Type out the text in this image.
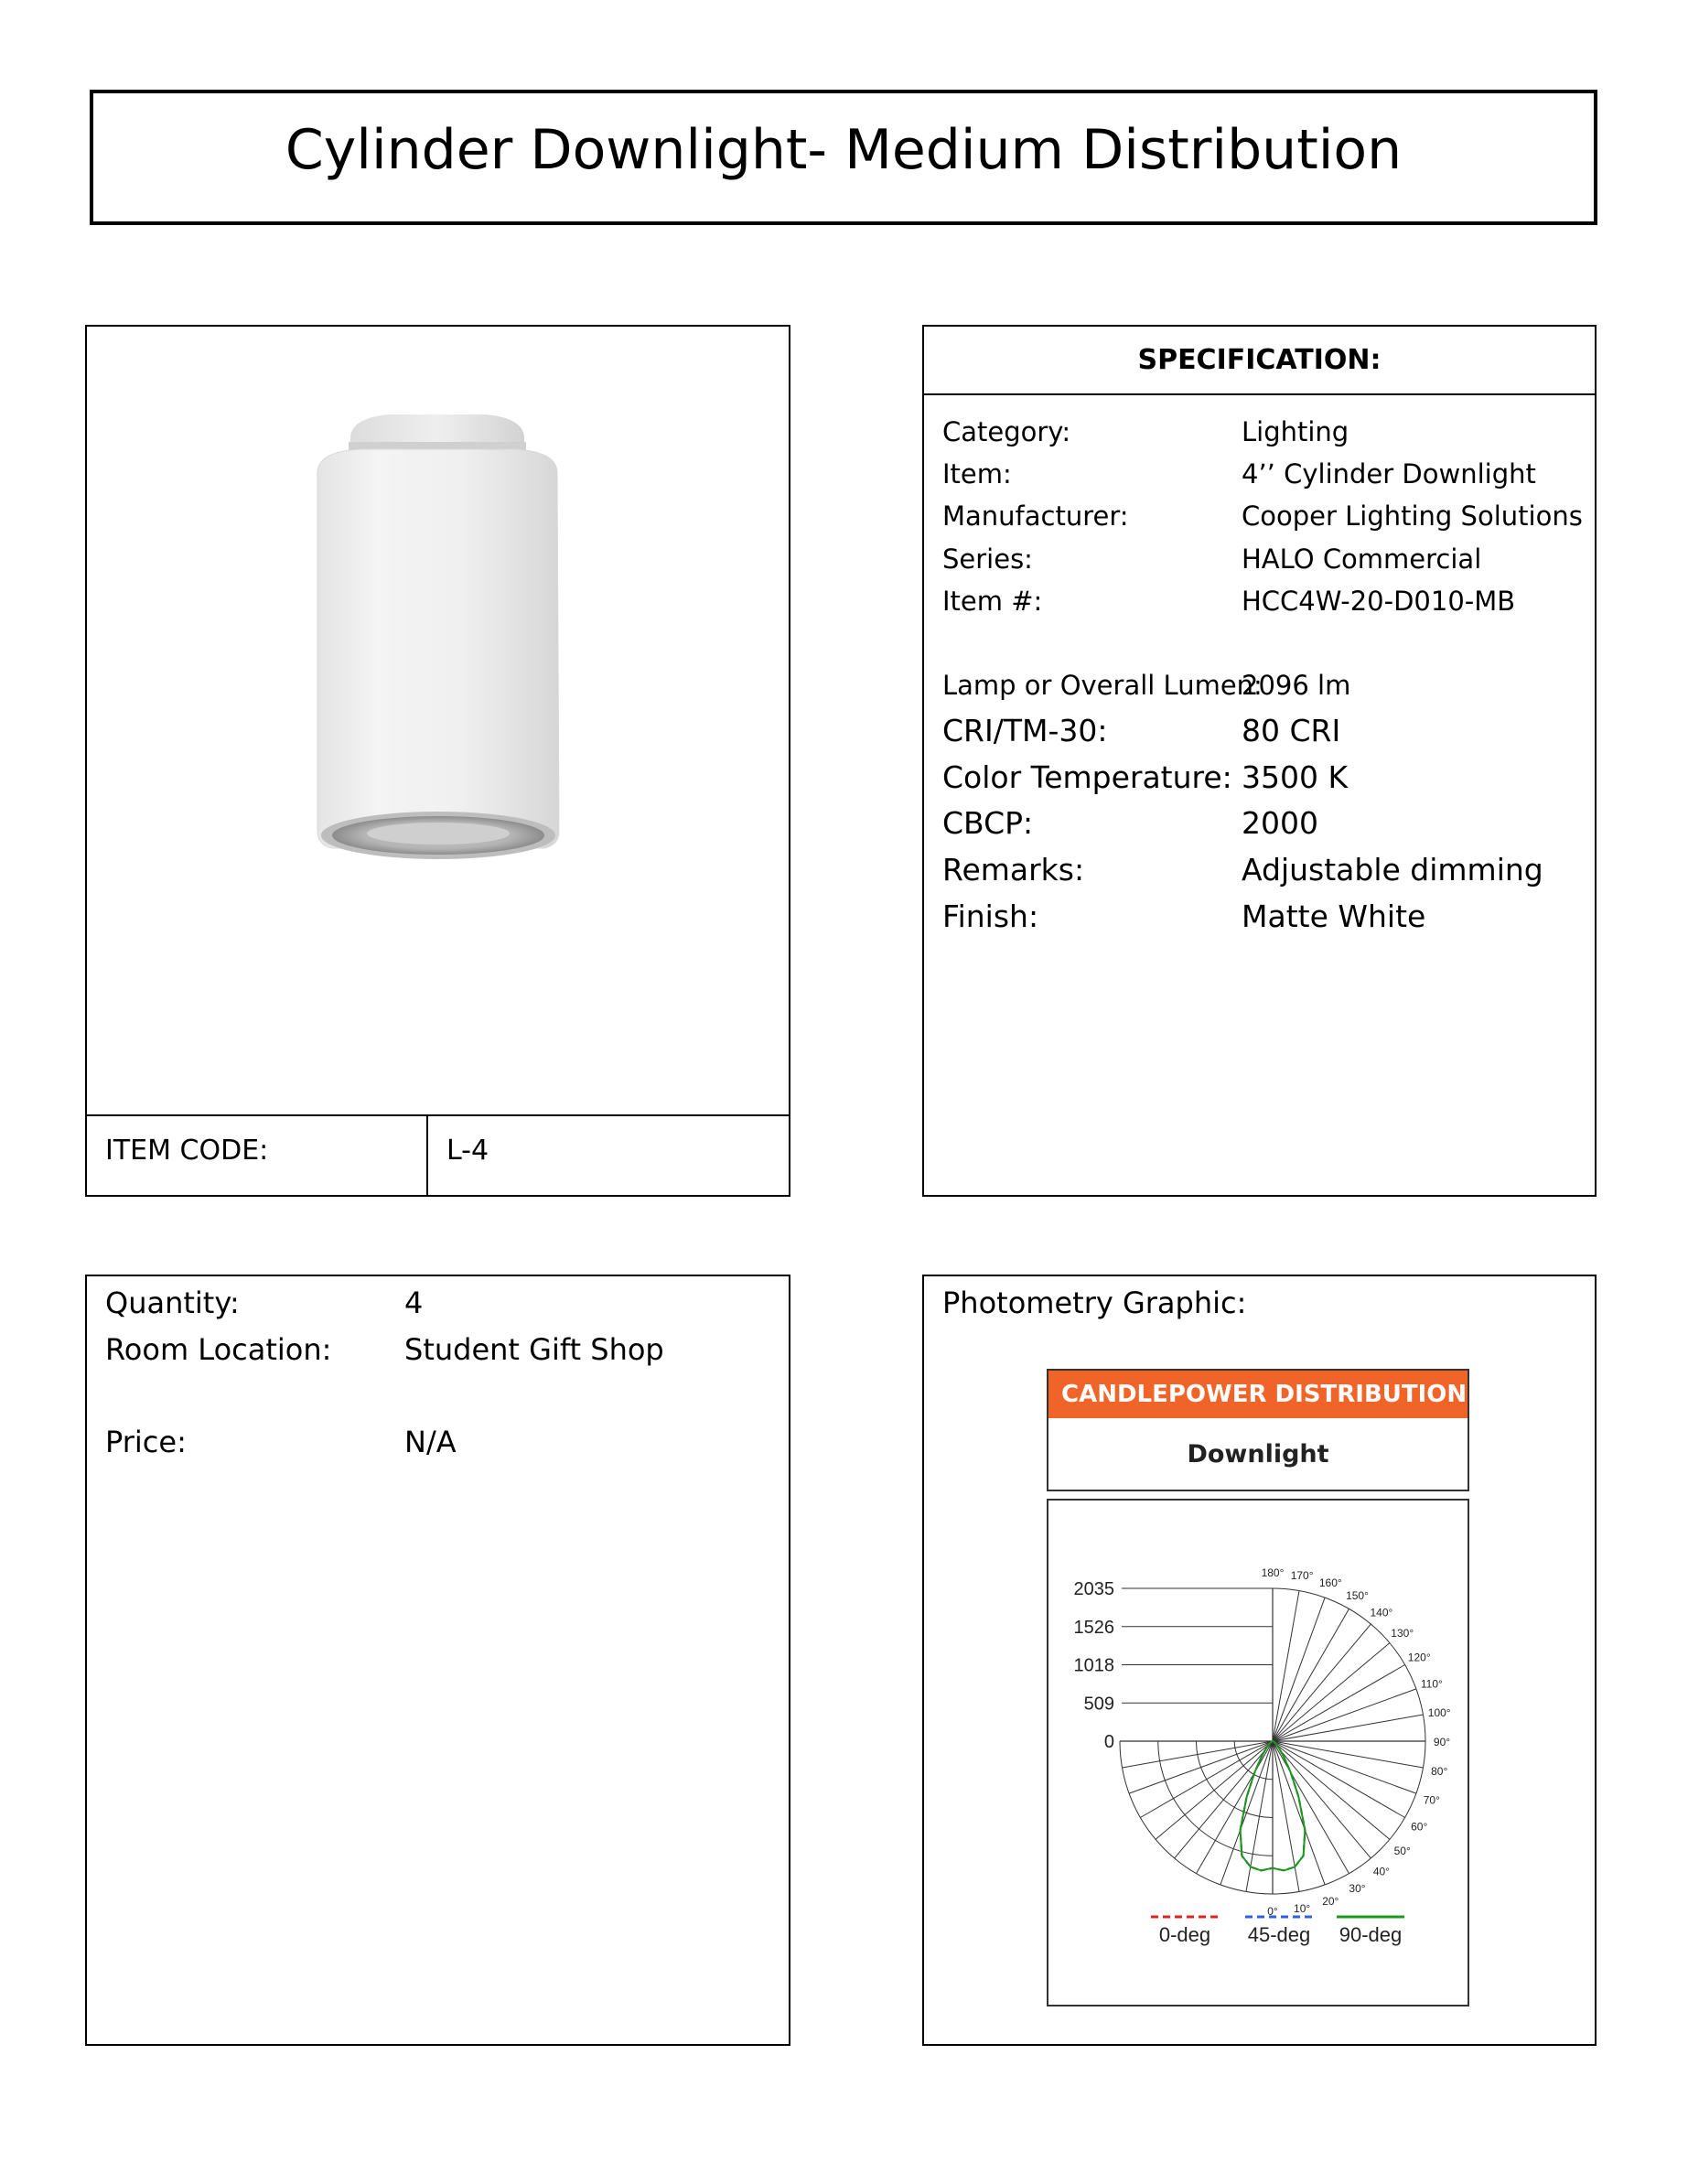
Cylinder Downlight- Medium Distribution
ITEM CODE:	L-4
SPECIFICATION:
Category:	Lighting
Item:	4’’ Cylinder Downlight
Manufacturer:	Cooper Lighting Solutions
Series:	HALO Commercial
Item #:	HCC4W-20-D010-MB
Lamp or Overall Lumen:
2096 lm
CRI/TM-30:	80 CRI
Color Temperature: 3500 K
CBCP:	2000
Remarks:	Adjustable dimming
Finish:	Matte White
Quantity:	4
Room Location: Student Gift Shop
Price:	N/A
Photometry Graphic:
CANDLEPOWER DISTRIBUTION
Downlight
0
509
1018
1526
2035
0° 10°
20°
30°
40°
50°
60°
70°
80°
90°
100°
110°
120°
130°
140°
150°
160°
170°
180°
0-deg 45-deg 90-deg
